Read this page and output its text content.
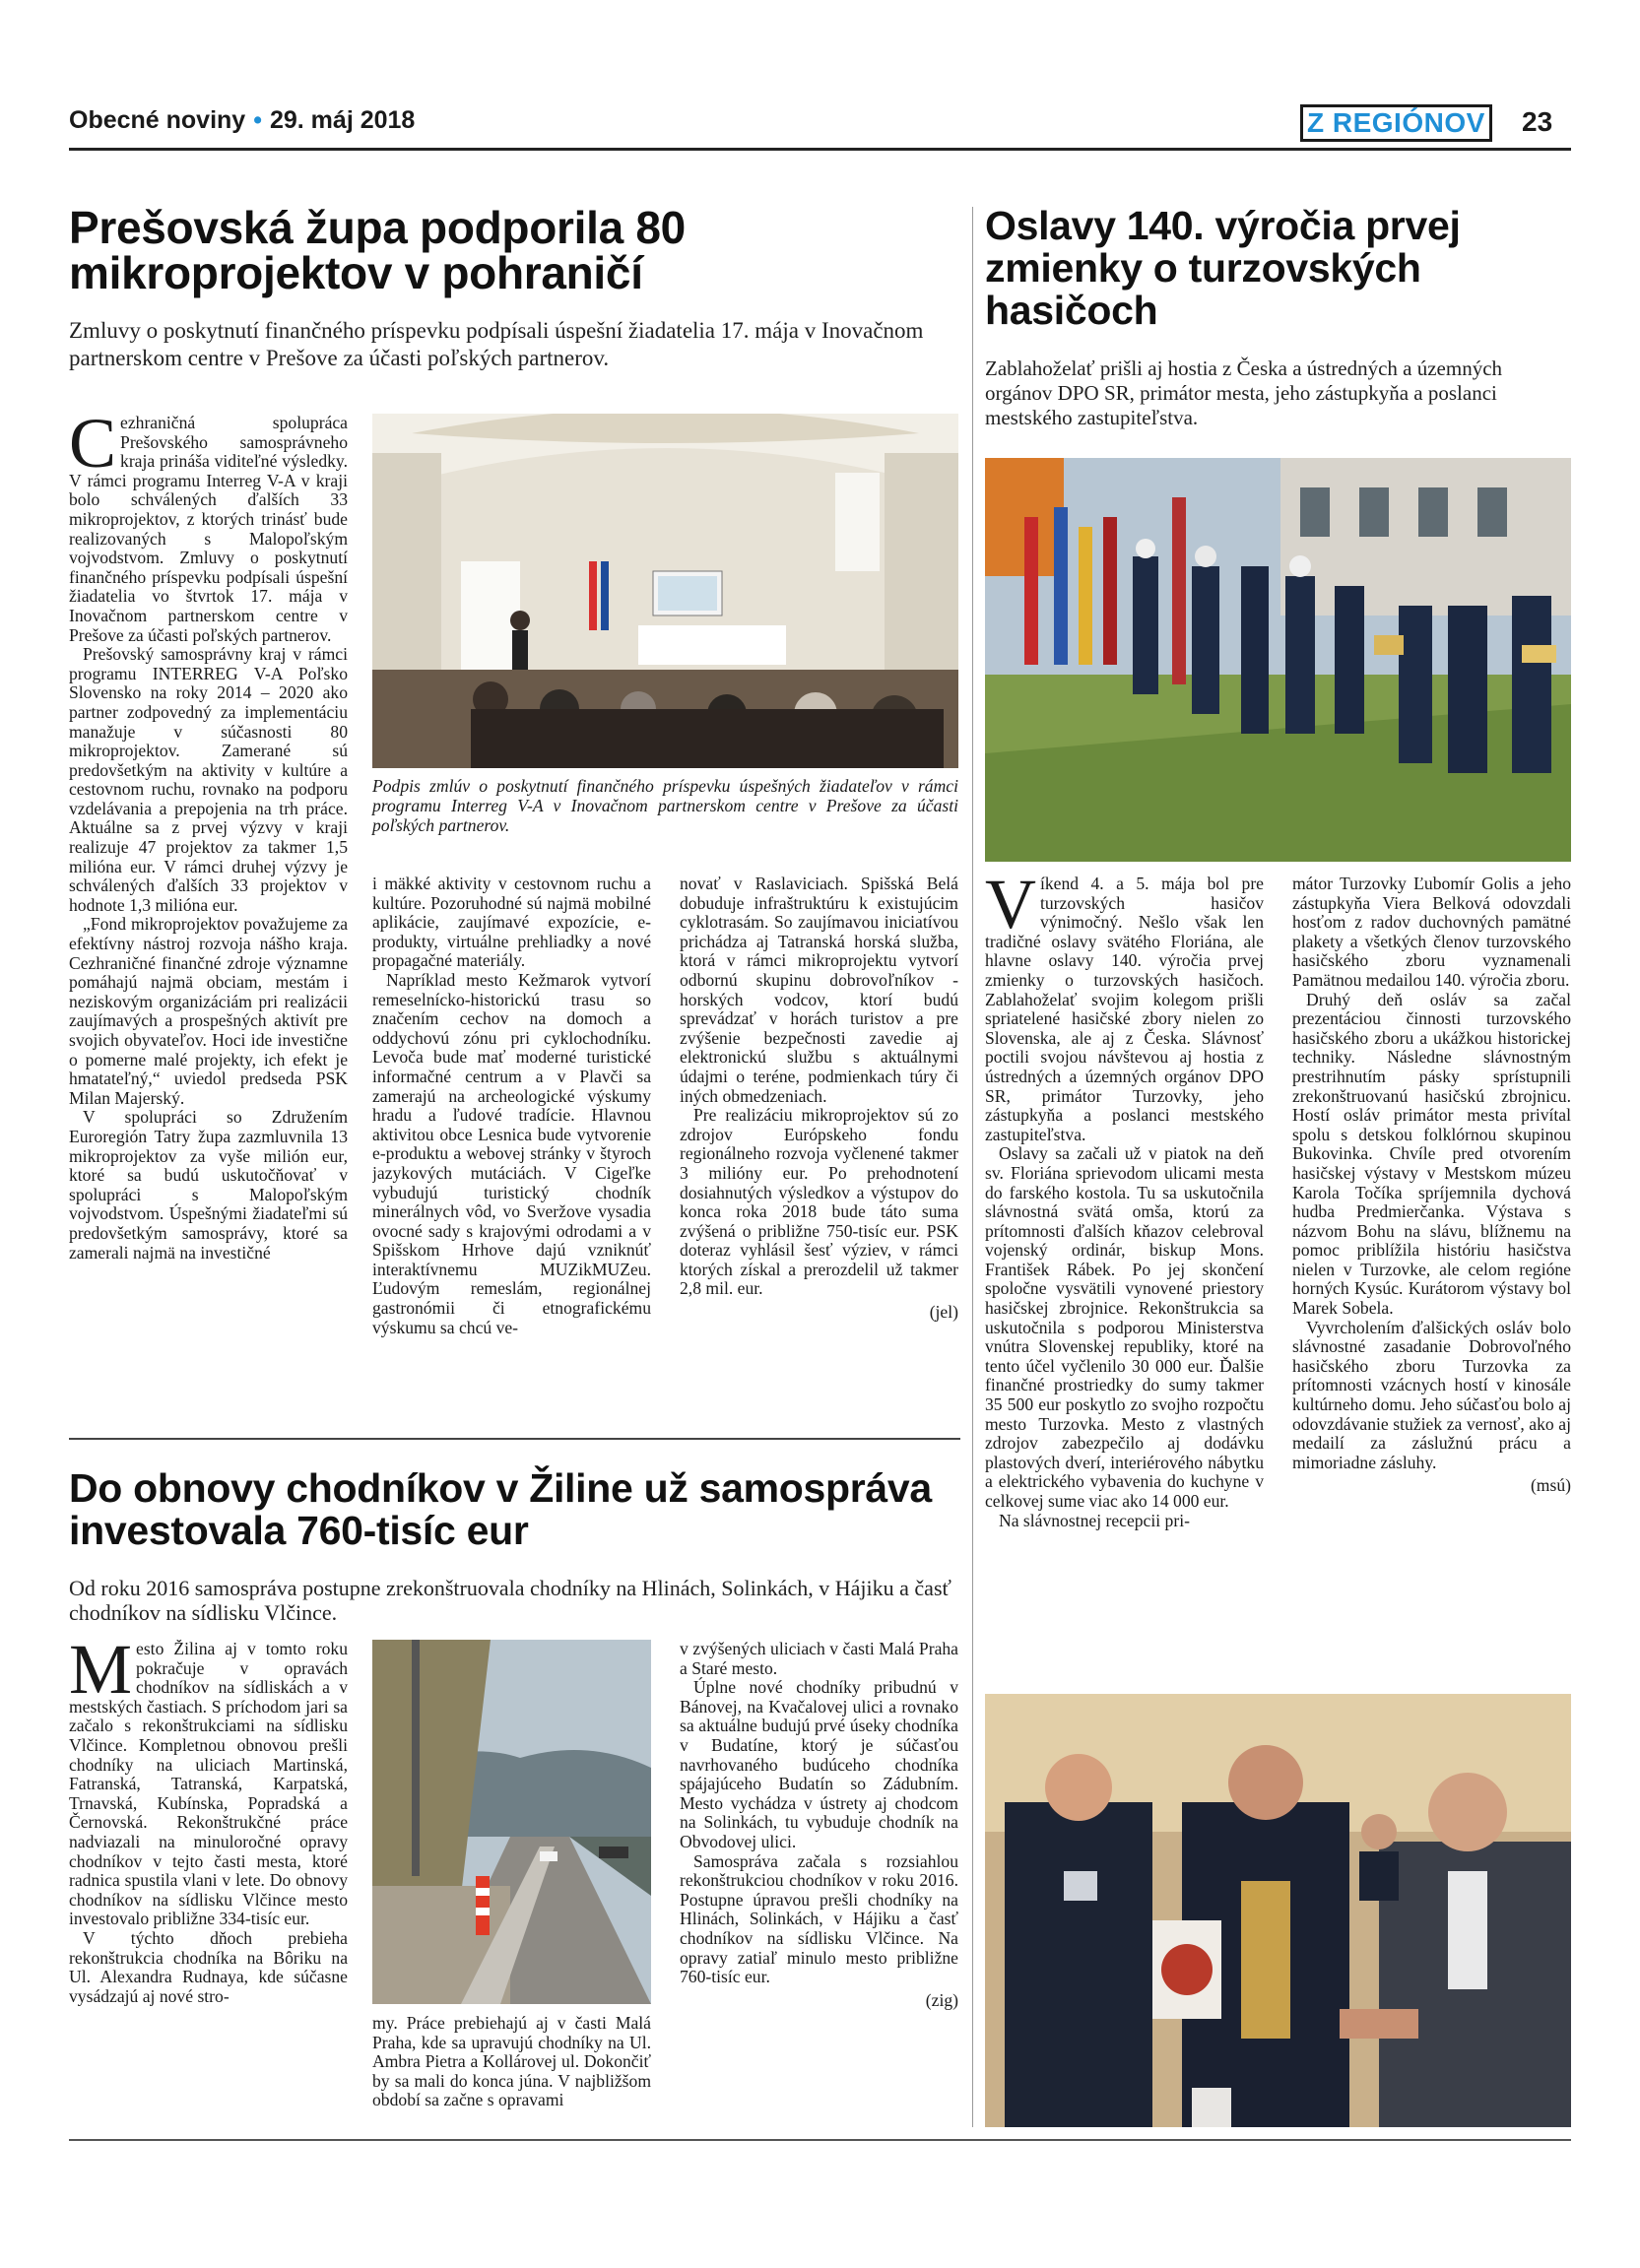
Obecné noviny • 29. máj 2018	Z REGIÓNOV 23
Prešovská župa podporila 80 mikroprojektov v pohraničí
Zmluvy o poskytnutí finančného príspevku podpísali úspešní žiadatelia 17. mája v Inovačnom partnerskom centre v Prešove za účasti poľských partnerov.

Cezhraničná spolupráca Prešovského samosprávneho kraja prináša viditeľné výsledky. V rámci programu Interreg V-A v kraji bolo schválených ďalších 33 mikroprojektov, z ktorých trinásť bude realizovaných s Malopoľským vojvodstvom. Zmluvy o poskytnutí finančného príspevku podpísali úspešní žiadatelia vo štvrtok 17. mája v Inovačnom partnerskom centre v Prešove za účasti poľských partnerov.

Prešovský samosprávny kraj v rámci programu INTERREG V-A Poľsko Slovensko na roky 2014 – 2020 ako partner zodpovedný za implementáciu manažuje v súčasnosti 80 mikroprojektov. Zamerané sú predovšetkým na aktivity v kultúre a cestovnom ruchu, rovnako na podporu vzdelávania a prepojenia na trh práce. Aktuálne sa z prvej výzvy v kraji realizuje 47 projektov za takmer 1,5 milióna eur. V rámci druhej výzvy je schválených ďalších 33 projektov v hodnote 1,3 milióna eur.

„Fond mikroprojektov považujeme za efektívny nástroj rozvoja nášho kraja. Cezhraničné finančné zdroje významne pomáhajú najmä obciam, mestám i neziskovým organizáciám pri realizácii zaujímavých a prospešných aktivít pre svojich obyvateľov. Hoci ide investične o pomerne malé projekty, ich efekt je hmatateľný,“ uviedol predseda PSK Milan Majerský.

V spolupráci so Združením Euroregión Tatry župa zazmluvnila 13 mikroprojektov za vyše milión eur, ktoré sa budú uskutočňovať v spolupráci s Malopoľským vojvodstvom. Úspešnými žiadateľmi sú predovšetkým samosprávy, ktoré sa zamerali najmä na investičné

Podpis zmlúv o poskytnutí finančného príspevku úspešných žiadateľov v rámci programu Interreg V-A v Inovačnom partnerskom centre v Prešove za účasti poľských partnerov.

i mäkké aktivity v cestovnom ruchu a kultúre. Pozoruhodné sú najmä mobilné aplikácie, zaujímavé expozície, e-produkty, virtuálne prehliadky a nové propagačné materiály.

Napríklad mesto Kežmarok vytvorí remeselnícko-historickú trasu so značením cechov na domoch a oddychovú zónu pri cyklochodníku. Levoča bude mať moderné turistické informačné centrum a v Plavči sa zamerajú na archeologické výskumy hradu a ľudové tradície. Hlavnou aktivitou obce Lesnica bude vytvorenie e-produktu a webovej stránky v štyroch jazykových mutáciách. V Cigeľke vybudujú turistický chodník minerálnych vôd, vo Sveržove vysadia ovocné sady s krajovými odrodami a v Spišskom Hrhove dajú vzniknúť interaktívnemu MUZikMUZeu. Ľudovým remeslám, regionálnej gastronómii či etnografickému výskumu sa chcú ve-

novať v Raslaviciach. Spišská Belá dobuduje infraštruktúru k existujúcim cyklotrasám. So zaujímavou iniciatívou prichádza aj Tatranská horská služba, ktorá v rámci mikroprojektu vytvorí odbornú skupinu dobrovoľníkov - horských vodcov, ktorí budú sprevádzať v horách turistov a pre zvýšenie bezpečnosti zavedie aj elektronickú službu s aktuálnymi údajmi o teréne, podmienkach túry či iných obmedzeniach.

Pre realizáciu mikroprojektov sú zo zdrojov Európskeho fondu regionálneho rozvoja vyčlenené takmer 3 milióny eur. Po prehodnotení dosiahnutých výsledkov a výstupov do konca roka 2018 bude táto suma zvýšená o približne 750-tisíc eur. PSK doteraz vyhlásil šesť výziev, v rámci ktorých získal a prerozdelil už takmer 2,8 mil. eur.

(jel)
Do obnovy chodníkov v Žiline už samospráva investovala 760-tisíc eur
Od roku 2016 samospráva postupne zrekonštruovala chodníky na Hlinách, Solinkách, v Hájiku a časť chodníkov na sídlisku Vlčince.

Mesto Žilina aj v tomto roku pokračuje v opravách chodníkov na sídliskách a v mestských častiach. S príchodom jari sa začalo s rekonštrukciami na sídlisku Vlčince. Kompletnou obnovou prešli chodníky na uliciach Martinská, Fatranská, Tatranská, Karpatská, Trnavská, Kubínska, Popradská a Černovská. Rekonštrukčné práce nadviazali na minuloročné opravy chodníkov v tejto časti mesta, ktoré radnica spustila vlani v lete. Do obnovy chodníkov na sídlisku Vlčince mesto investovalo približne 334-tisíc eur.

V týchto dňoch prebieha rekonštrukcia chodníka na Bôriku na Ul. Alexandra Rudnaya, kde súčasne vysádzajú aj nové stro-

my. Práce prebiehajú aj v časti Malá Praha, kde sa upravujú chodníky na Ul. Ambra Pietra a Kollárovej ul. Dokončiť by sa mali do konca júna. V najbližšom období sa začne s opravami

v zvýšených uliciach v časti Malá Praha a Staré mesto.

Úplne nové chodníky pribudnú v Bánovej, na Kvačalovej ulici a rovnako sa aktuálne budujú prvé úseky chodníka v Budatíne, ktorý je súčasťou navrhovaného budúceho chodníka spájajúceho Budatín so Zádubním. Mesto vychádza v ústrety aj chodcom na Solinkách, tu vybuduje chodník na Obvodovej ulici.

Samospráva začala s rozsiahlou rekonštrukciou chodníkov v roku 2016. Postupne úpravou prešli chodníky na Hlinách, Solinkách, v Hájiku a časť chodníkov na sídlisku Vlčince. Na opravy zatiaľ minulo mesto približne 760-tisíc eur.

(zig)
Oslavy 140. výročia prvej zmienky o turzovských hasičoch
Zablahoželať prišli aj hostia z Česka a ústredných a územných orgánov DPO SR, primátor mesta, jeho zástupkyňa a poslanci mestského zastupiteľstva.

Víkend 4. a 5. mája bol pre turzovských hasičov výnimočný. Nešlo však len tradičné oslavy svätého Floriána, ale hlavne oslavy 140. výročia prvej zmienky o turzovských hasičoch. Zablahoželať svojim kolegom prišli spriatelené hasičské zbory nielen zo Slovenska, ale aj z Česka. Slávnosť poctili svojou návštevou aj hostia z ústredných a územných orgánov DPO SR, primátor Turzovky, jeho zástupkyňa a poslanci mestského zastupiteľstva.

Oslavy sa začali už v piatok na deň sv. Floriána sprievodom ulicami mesta do farského kostola. Tu sa uskutočnila slávnostná svätá omša, ktorú za prítomnosti ďalších kňazov celebroval vojenský ordinár, biskup Mons. František Rábek. Po jej skončení spoločne vysvätili vynovené priestory hasičskej zbrojnice. Rekonštrukcia sa uskutočnila s podporou Ministerstva vnútra Slovenskej republiky, ktoré na tento účel vyčlenilo 30 000 eur. Ďalšie finančné prostriedky do sumy takmer 35 500 eur poskytlo zo svojho rozpočtu mesto Turzovka. Mesto z vlastných zdrojov zabezpečilo aj dodávku plastových dverí, interiérového nábytku a elektrického vybavenia do kuchyne v celkovej sume viac ako 14 000 eur.

Na slávnostnej recepcii pri-

mátor Turzovky Ľubomír Golis a jeho zástupkyňa Viera Belková odovzdali hosťom z radov duchovných pamätné plakety a všetkých členov turzovského hasičského zboru vyznamenali Pamätnou medailou 140. výročia zboru.

Druhý deň osláv sa začal prezentáciou činnosti turzovského hasičského zboru a ukážkou historickej techniky. Následne slávnostným prestrihnutím pásky sprístupnili zrekonštruovanú hasičskú zbrojnicu. Hostí osláv primátor mesta privítal spolu s detskou folklórnou skupinou Bukovinka. Chvíle pred otvorením hasičskej výstavy v Mestskom múzeu Karola Točíka spríjemnila dychová hudba Predmierčanka. Výstava s názvom Bohu na slávu, blížnemu na pomoc priblížila históriu hasičstva nielen v Turzovke, ale celom regióne horných Kysúc. Kurátorom výstavy bol Marek Sobela.

Vyvrcholením ďalšických osláv bolo slávnostné zasadanie Dobrovoľného hasičského zboru Turzovka za prítomnosti vzácnych hostí v kinosále kultúrneho domu. Jeho súčasťou bolo aj odovzdávanie stužiek za vernosť, ako aj medailí za záslužnú prácu a mimoriadne zásluhy.

(msú)
